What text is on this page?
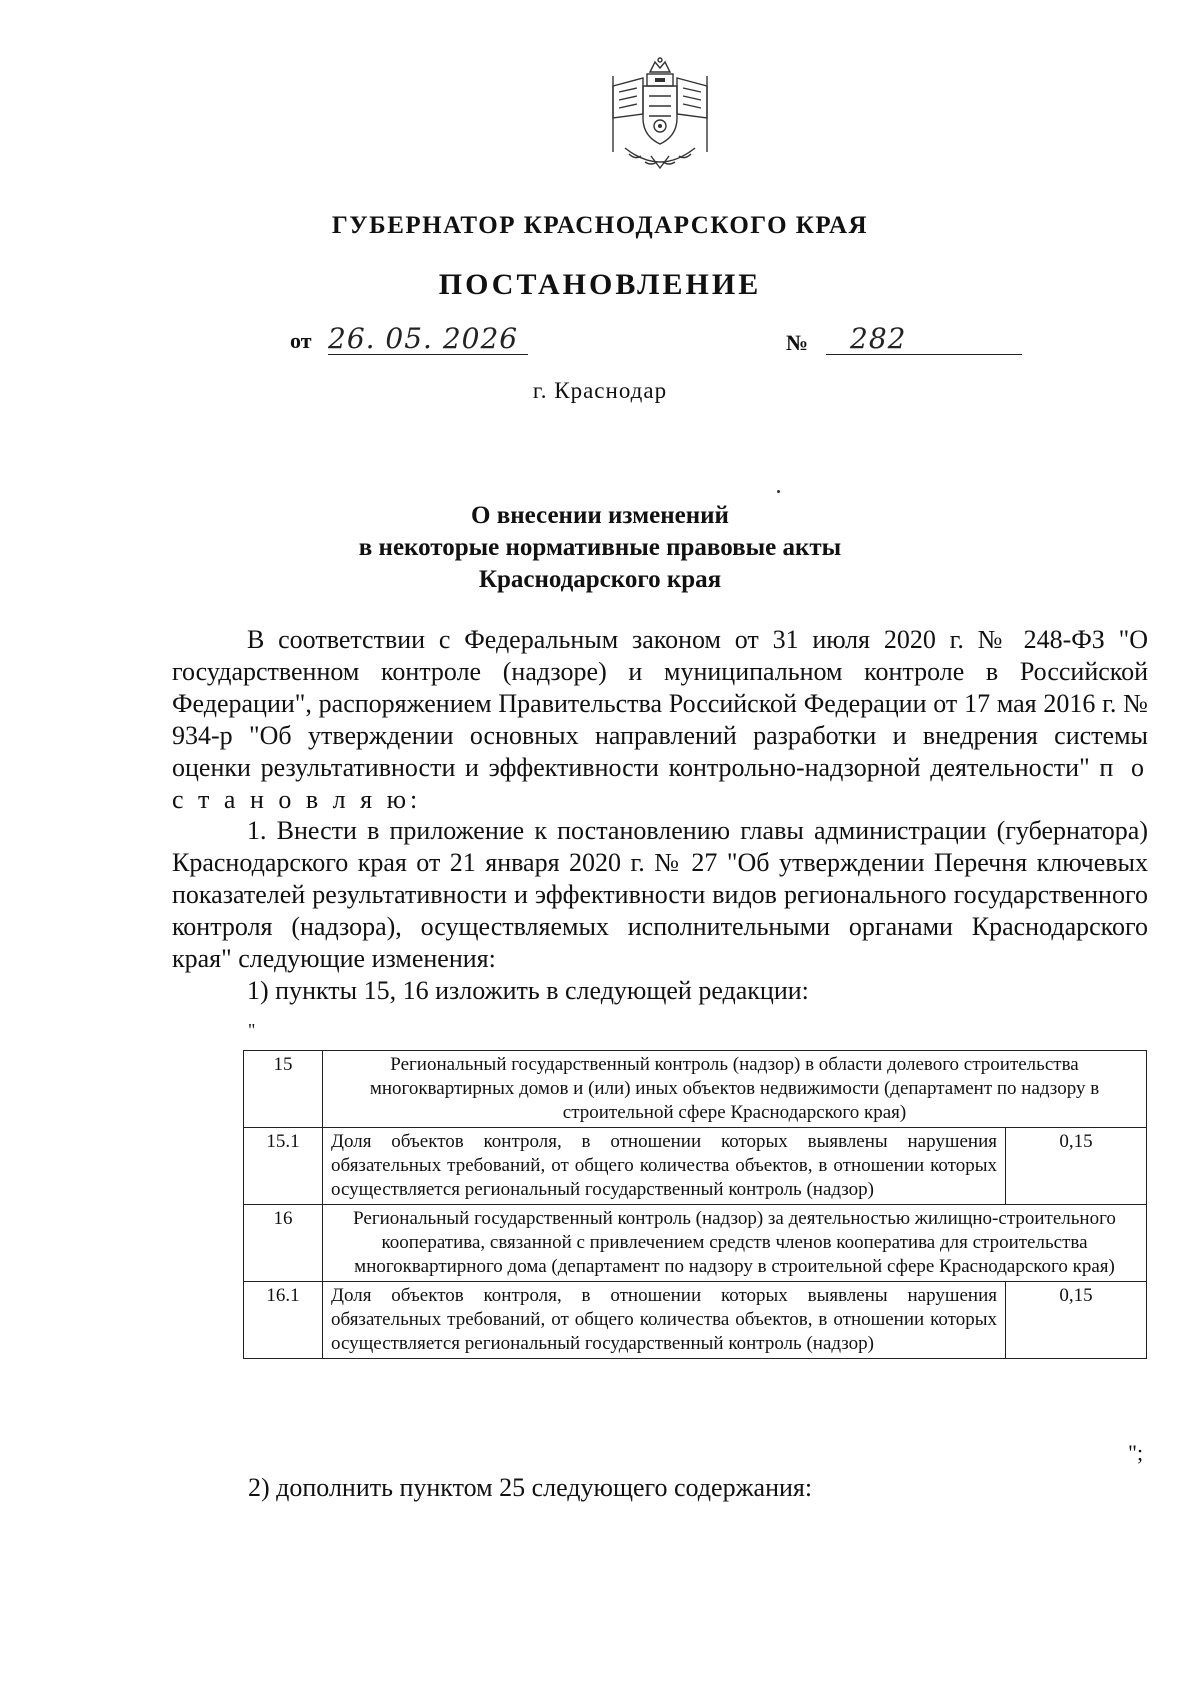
ГУБЕРНАТОР КРАСНОДАРСКОГО КРАЯ
ПОСТАНОВЛЕНИЕ
от 26. 05. 2026	№	282
г. Краснодар
О внесении изменений
в некоторые нормативные правовые акты
Краснодарского края
В соответствии с Федеральным законом от 31 июля 2020 г. № 248-ФЗ "О государственном контроле (надзоре) и муниципальном контроле в Российской Федерации", распоряжением Правительства Российской Федерации от 17 мая 2016 г. № 934-р "Об утверждении основных направлений разработки и внедрения системы оценки результативности и эффективности контрольно-надзорной деятельности" п о с т а н о в л я ю:
1. Внести в приложение к постановлению главы администрации (губернатора) Краснодарского края от 21 января 2020 г. № 27 "Об утверждении Перечня ключевых показателей результативности и эффективности видов регионального государственного контроля (надзора), осуществляемых исполнительными органами Краснодарского края" следующие изменения:
1) пункты 15, 16 изложить в следующей редакции:
"
15	Региональный государственный контроль (надзор) в области долевого строительства многоквартирных домов и (или) иных объектов недвижимости (департамент по надзору в строительной сфере Краснодарского края)	
15.1	Доля объектов контроля, в отношении которых выявлены нарушения обязательных требований, от общего количества объектов, в отношении которых осуществляется региональный государственный контроль (надзор)	0,15
16	Региональный государственный контроль (надзор) за деятельностью жилищно-строительного кооператива, связанной с привлечением средств членов кооператива для строительства многоквартирного дома (департамент по надзору в строительной сфере Краснодарского края)	
16.1	Доля объектов контроля, в отношении которых выявлены нарушения обязательных требований, от общего количества объектов, в отношении которых осуществляется региональный государственный контроль (надзор)	0,15
";
2) дополнить пунктом 25 следующего содержания:
